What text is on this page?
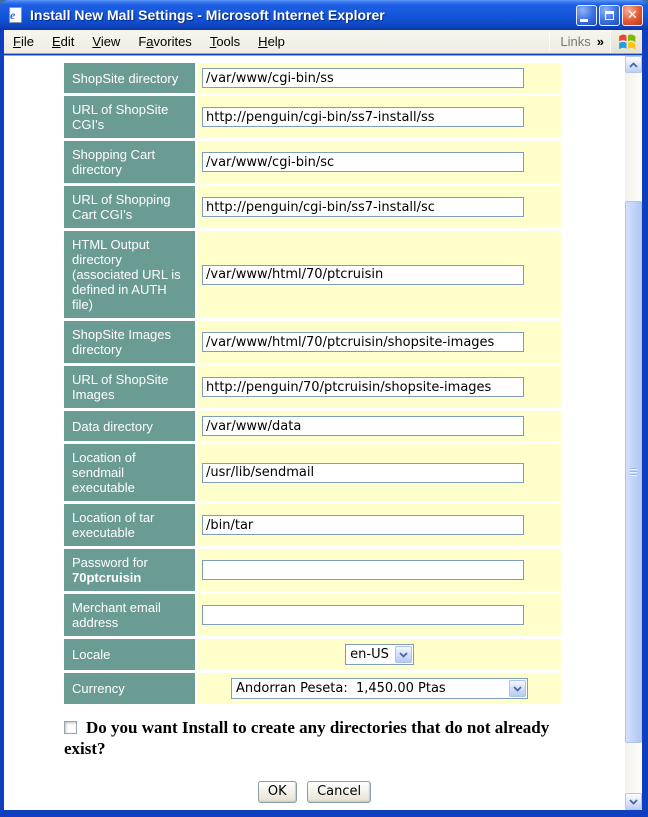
e Install New Mall Settings - Microsoft Internet Explorer	✕
File Edit View Favorites Tools Help	Links »
ShopSite directory	/var/www/cgi-bin/ss
URL of ShopSite CGI's	http://penguin/cgi-bin/ss7-install/ss
Shopping Cart directory	/var/www/cgi-bin/sc
URL of Shopping Cart CGI's	http://penguin/cgi-bin/ss7-install/sc
HTML Output directory (associated URL is defined in AUTH file)	/var/www/html/70/ptcruisin
ShopSite Images directory	/var/www/html/70/ptcruisin/shopsite-images
URL of ShopSite Images	http://penguin/70/ptcruisin/shopsite-images
Data directory	/var/www/data
Location of sendmail executable	/usr/lib/sendmail
Location of tar executable	/bin/tar
Password for 70ptcruisin	
Merchant email address	
Locale	en-US

Currency	Andorran Peseta:  1,450.00 Ptas

Do you want Install to create any directories that do not already exist?

OK Cancel
